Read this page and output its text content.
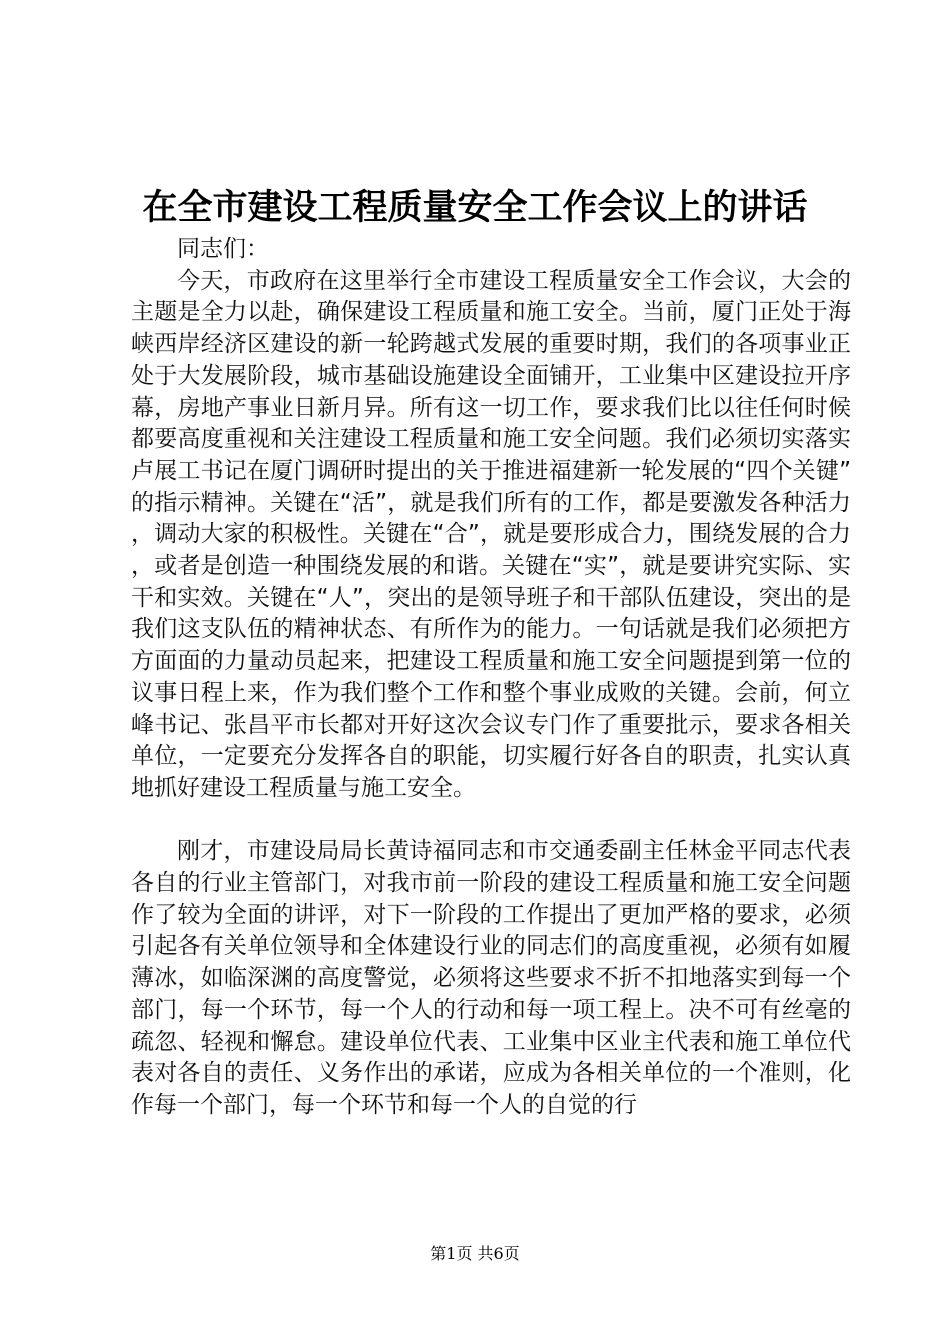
在全市建设工程质量安全工作会议上的讲话

同志们：

今天，市政府在这里举行全市建设工程质量安全工作会议，大会的主题是全力以赴，确保建设工程质量和施工安全。当前，厦门正处于海峡西岸经济区建设的新一轮跨越式发展的重要时期，我们的各项事业正处于大发展阶段，城市基础设施建设全面铺开，工业集中区建设拉开序幕，房地产事业日新月异。所有这一切工作，要求我们比以往任何时候都要高度重视和关注建设工程质量和施工安全问题。我们必须切实落实卢展工书记在厦门调研时提出的关于推进福建新一轮发展的“四个关键”的指示精神。关键在“活”，就是我们所有的工作，都是要激发各种活力，调动大家的积极性。关键在“合”，就是要形成合力，围绕发展的合力，或者是创造一种围绕发展的和谐。关键在“实”，就是要讲究实际、实干和实效。关键在“人”，突出的是领导班子和干部队伍建设，突出的是我们这支队伍的精神状态、有所作为的能力。一句话就是我们必须把方方面面的力量动员起来，把建设工程质量和施工安全问题提到第一位的议事日程上来，作为我们整个工作和整个事业成败的关键。会前，何立峰书记、张昌平市长都对开好这次会议专门作了重要批示，要求各相关单位，一定要充分发挥各自的职能，切实履行好各自的职责，扎实认真地抓好建设工程质量与施工安全。

刚才，市建设局局长黄诗福同志和市交通委副主任林金平同志代表各自的行业主管部门，对我市前一阶段的建设工程质量和施工安全问题作了较为全面的讲评，对下一阶段的工作提出了更加严格的要求，必须引起各有关单位领导和全体建设行业的同志们的高度重视，必须有如履薄冰，如临深渊的高度警觉，必须将这些要求不折不扣地落实到每一个部门，每一个环节，每一个人的行动和每一项工程上。决不可有丝毫的疏忽、轻视和懈怠。建设单位代表、工业集中区业主代表和施工单位代表对各自的责任、义务作出的承诺，应成为各相关单位的一个准则，化作每一个部门，每一个环节和每一个人的自觉的行

第1页 共6页
